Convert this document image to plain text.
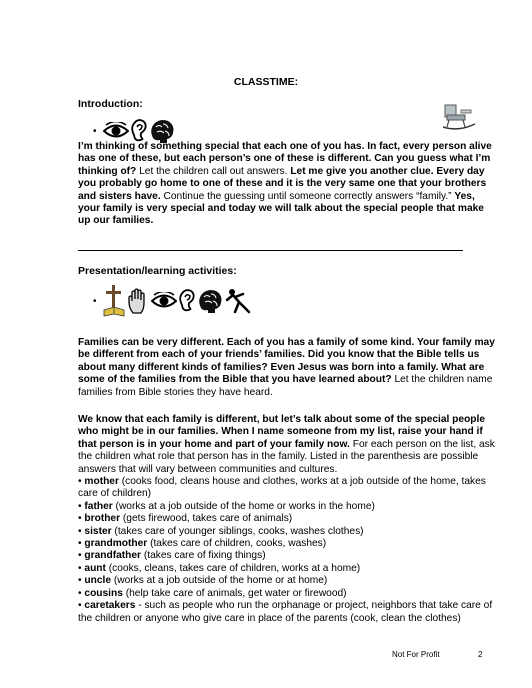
CLASSTIME:
Introduction:
•
I’m thinking of something special that each one of you has. In fact, every person alive has one of these, but each person’s one of these is different. Can you guess what I’m thinking of? Let the children call out answers. Let me give you another clue. Every day you probably go home to one of these and it is the very same one that your brothers and sisters have. Continue the guessing until someone correctly answers “family.” Yes, your family is very special and today we will talk about the special people that make up our families.
Presentation/learning activities:
•
Families can be very different. Each of you has a family of some kind. Your family may be different from each of your friends’ families. Did you know that the Bible tells us about many different kinds of families? Even Jesus was born into a family. What are some of the families from the Bible that you have learned about? Let the children name families from Bible stories they have heard.
We know that each family is different, but let’s talk about some of the special people who might be in our families. When I name someone from my list, raise your hand if that person is in your home and part of your family now. For each person on the list, ask the children what role that person has in the family. Listed in the parenthesis are possible answers that will vary between communities and cultures.
• mother (cooks food, cleans house and clothes, works at a job outside of the home, takes care of children)
• father (works at a job outside of the home or works in the home)
• brother (gets firewood, takes care of animals)
• sister (takes care of younger siblings, cooks, washes clothes)
• grandmother (takes care of children, cooks, washes)
• grandfather (takes care of fixing things)
• aunt (cooks, cleans, takes care of children, works at a home)
• uncle (works at a job outside of the home or at home)
• cousins (help take care of animals, get water or firewood)
• caretakers - such as people who run the orphanage or project, neighbors that take care of the children or anyone who give care in place of the parents (cook, clean the clothes)
Not For Profit	2
